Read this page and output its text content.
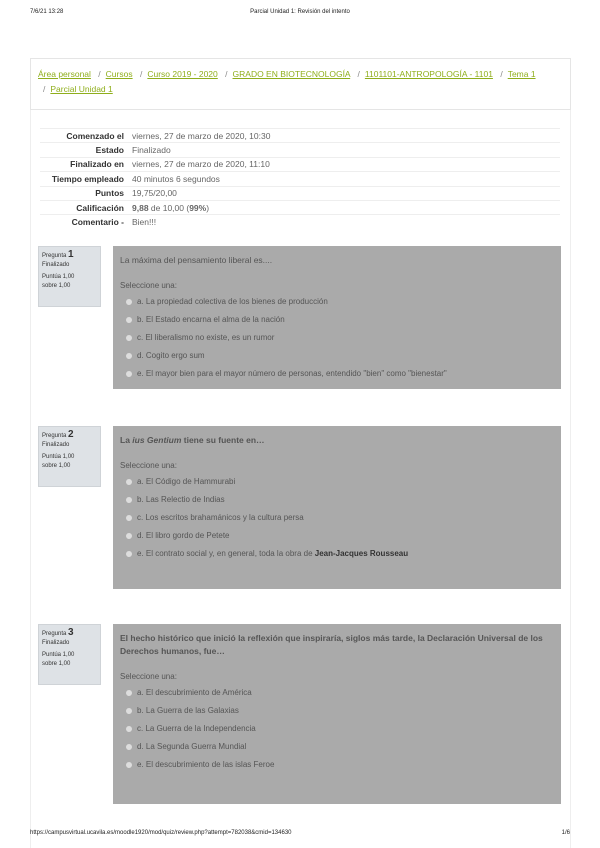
7/6/21 13:28	Parcial Unidad 1: Revisión del intento
Área personal / Cursos / Curso 2019 - 2020 / GRADO EN BIOTECNOLOGÍA / 1101101-ANTROPOLOGÍA - 1101 / Tema 1 / Parcial Unidad 1
Comenzado el	viernes, 27 de marzo de 2020, 10:30
Estado	Finalizado
Finalizado en	viernes, 27 de marzo de 2020, 11:10
Tiempo empleado	40 minutos 6 segundos
Puntos	19,75/20,00
Calificación	9,88 de 10,00 (99%)
Comentario -	Bien!!!
Pregunta 1
Finalizado
Puntúa 1,00
sobre 1,00
La máxima del pensamiento liberal es....
Seleccione una:
a. La propiedad colectiva de los bienes de producción
b. El Estado encarna el alma de la nación
c. El liberalismo no existe, es un rumor
d. Cogito ergo sum
e. El mayor bien para el mayor número de personas, entendido "bien" como "bienestar"
Pregunta 2
Finalizado
Puntúa 1,00
sobre 1,00
La ius Gentium tiene su fuente en…
Seleccione una:
a. El Código de Hammurabi
b. Las Relectio de Indias
c. Los escritos brahamánicos y la cultura persa
d. El libro gordo de Petete
e. El contrato social y, en general, toda la obra de Jean-Jacques Rousseau
Pregunta 3
Finalizado
Puntúa 1,00
sobre 1,00
El hecho histórico que inició la reflexión que inspiraría, siglos más tarde, la Declaración Universal de los Derechos humanos, fue…
Seleccione una:
a. El descubrimiento de América
b. La Guerra de las Galaxias
c. La Guerra de la Independencia
d. La Segunda Guerra Mundial
e. El descubrimiento de las islas Feroe
https://campusvirtual.ucavila.es/moodle1920/mod/quiz/review.php?attempt=782038&cmid=134630	1/6
